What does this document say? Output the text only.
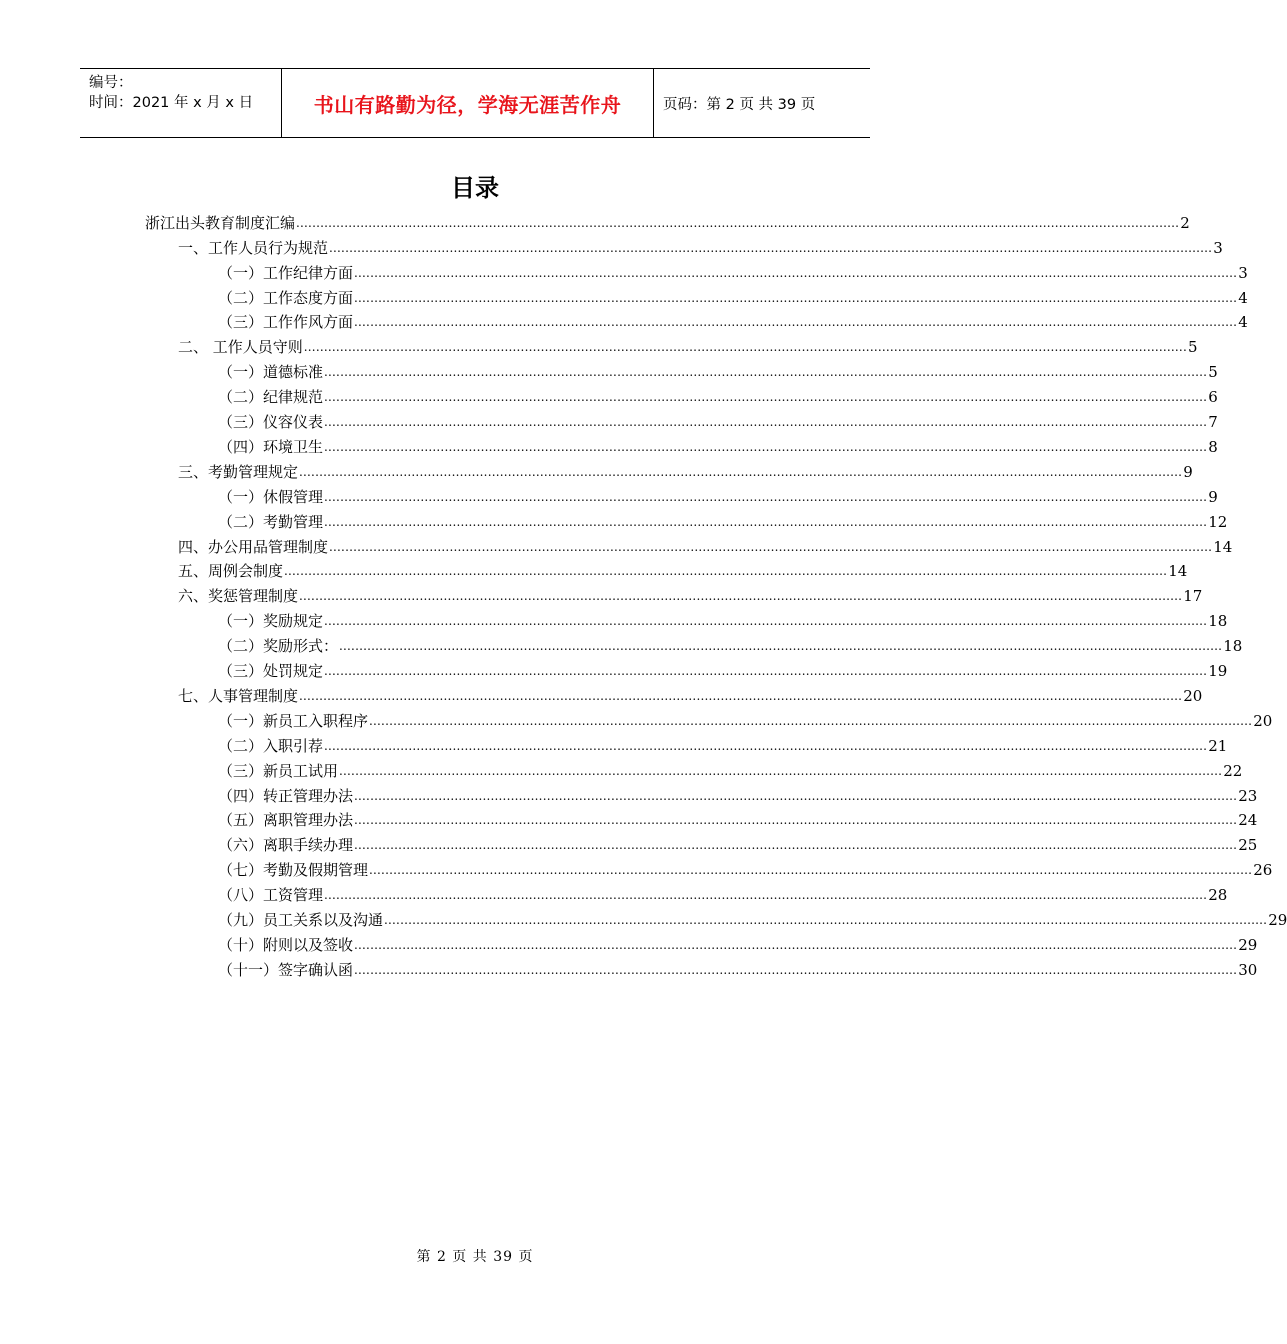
编号：
时间：2021 年 x 月 x 日	书山有路勤为径，学海无涯苦作舟	页码：第 2 页 共 39 页
目录
浙江出头教育制度汇编 ............................................................................................................................................................................................................................ 2
一、工作人员行为规范 ............................................................................................................................................................................................................................ 3
（一）工作纪律方面 ............................................................................................................................................................................................................................ 3
（二）工作态度方面 ............................................................................................................................................................................................................................ 4
（三）工作作风方面 ............................................................................................................................................................................................................................ 4
二、 工作人员守则 ............................................................................................................................................................................................................................ 5
（一）道德标准 ............................................................................................................................................................................................................................ 5
（二）纪律规范 ............................................................................................................................................................................................................................ 6
（三）仪容仪表 ............................................................................................................................................................................................................................ 7
（四）环境卫生 ............................................................................................................................................................................................................................ 8
三、考勤管理规定 ............................................................................................................................................................................................................................ 9
（一）休假管理 ............................................................................................................................................................................................................................ 9
（二）考勤管理 ............................................................................................................................................................................................................................ 12
四、办公用品管理制度 ............................................................................................................................................................................................................................ 14
五、周例会制度 ............................................................................................................................................................................................................................ 14
六、奖惩管理制度 ............................................................................................................................................................................................................................ 17
（一）奖励规定 ............................................................................................................................................................................................................................ 18
（二）奖励形式： ............................................................................................................................................................................................................................ 18
（三）处罚规定 ............................................................................................................................................................................................................................ 19
七、人事管理制度 ............................................................................................................................................................................................................................ 20
（一）新员工入职程序 ............................................................................................................................................................................................................................ 20
（二）入职引荐 ............................................................................................................................................................................................................................ 21
（三）新员工试用 ............................................................................................................................................................................................................................ 22
（四）转正管理办法 ............................................................................................................................................................................................................................ 23
（五）离职管理办法 ............................................................................................................................................................................................................................ 24
（六）离职手续办理 ............................................................................................................................................................................................................................ 25
（七）考勤及假期管理 ............................................................................................................................................................................................................................ 26
（八）工资管理 ............................................................................................................................................................................................................................ 28
（九）员工关系以及沟通 ............................................................................................................................................................................................................................ 29
（十）附则以及签收 ............................................................................................................................................................................................................................ 29
（十一）签字确认函 ............................................................................................................................................................................................................................ 30
第 2 页 共 39 页
